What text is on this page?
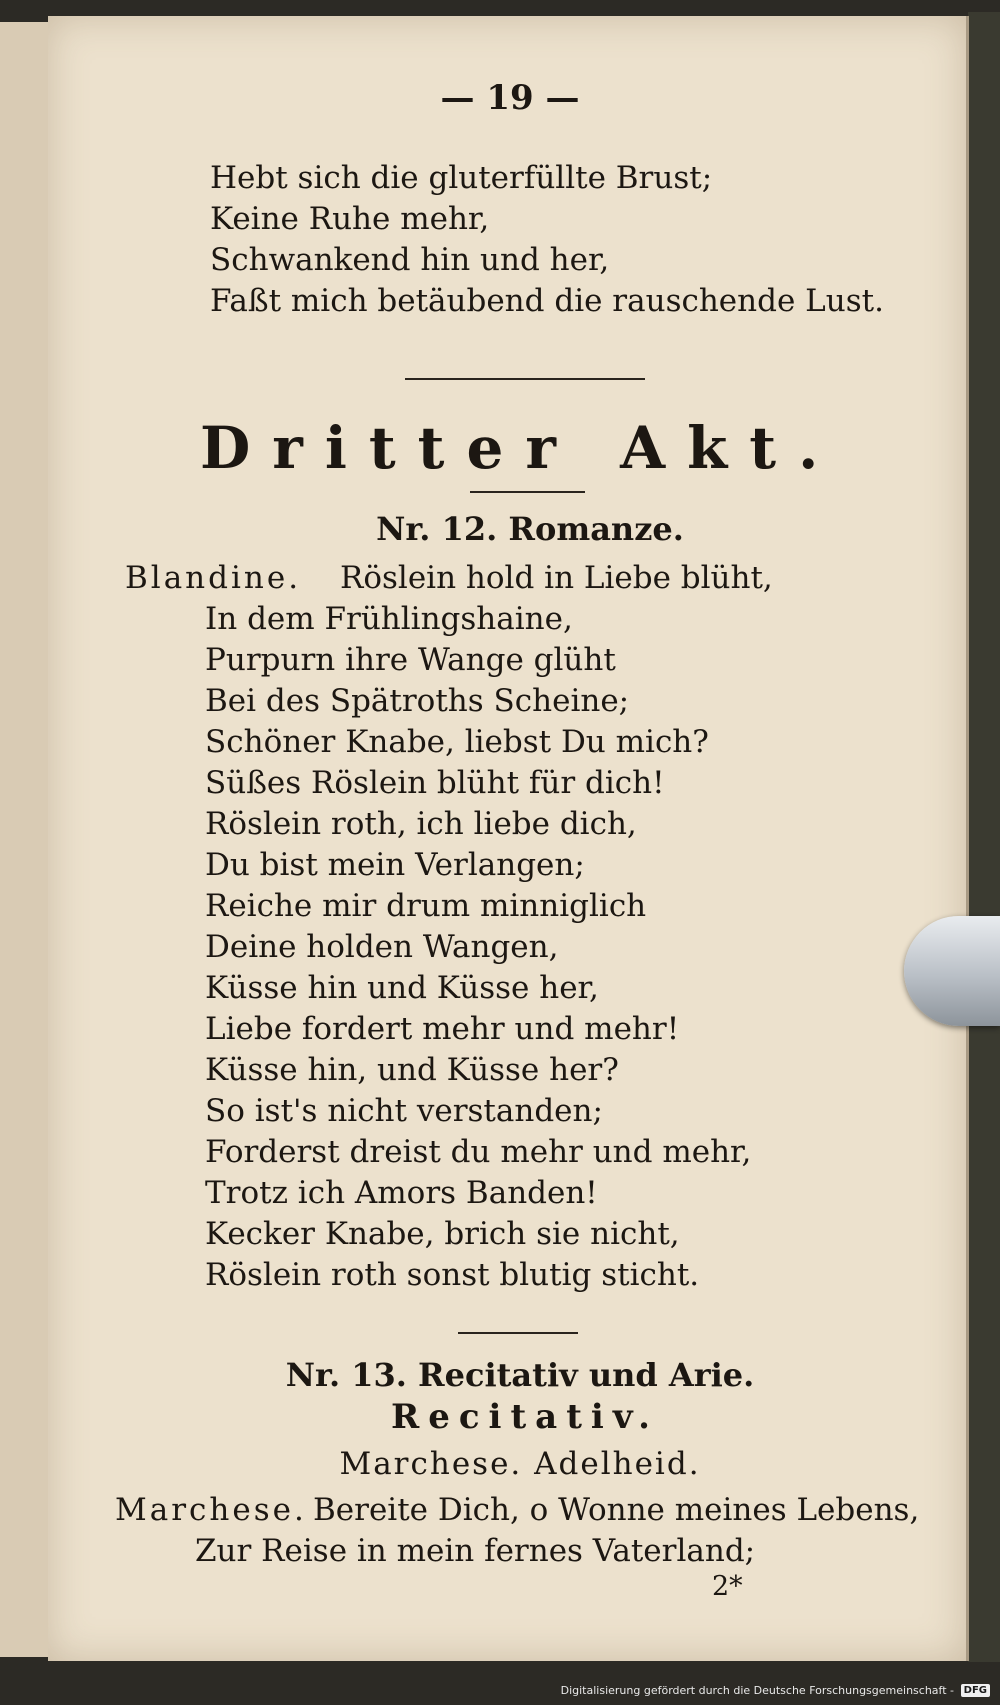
— 19 —

Hebt sich die gluterfüllte Brust;

Keine Ruhe mehr,

Schwankend hin und her,

Faßt mich betäubend die rauschende Lust.

Dritter Akt.

Nr. 12. Romanze.

Blandine. Röslein hold in Liebe blüht,

In dem Frühlingshaine,

Purpurn ihre Wange glüht

Bei des Spätroths Scheine;

Schöner Knabe, liebst Du mich?

Süßes Röslein blüht für dich!

Röslein roth, ich liebe dich,

Du bist mein Verlangen;

Reiche mir drum minniglich

Deine holden Wangen,

Küsse hin und Küsse her,

Liebe fordert mehr und mehr!

Küsse hin, und Küsse her?

So ist's nicht verstanden;

Forderst dreist du mehr und mehr,

Trotz ich Amors Banden!

Kecker Knabe, brich sie nicht,

Röslein roth sonst blutig sticht.

Nr. 13. Recitativ und Arie.

Recitativ.

Marchese. Adelheid.

Marchese. Bereite Dich, o Wonne meines Lebens,

Zur Reise in mein fernes Vaterland;

2*

Digitalisierung gefördert durch die Deutsche Forschungsgemeinschaft - DFG
